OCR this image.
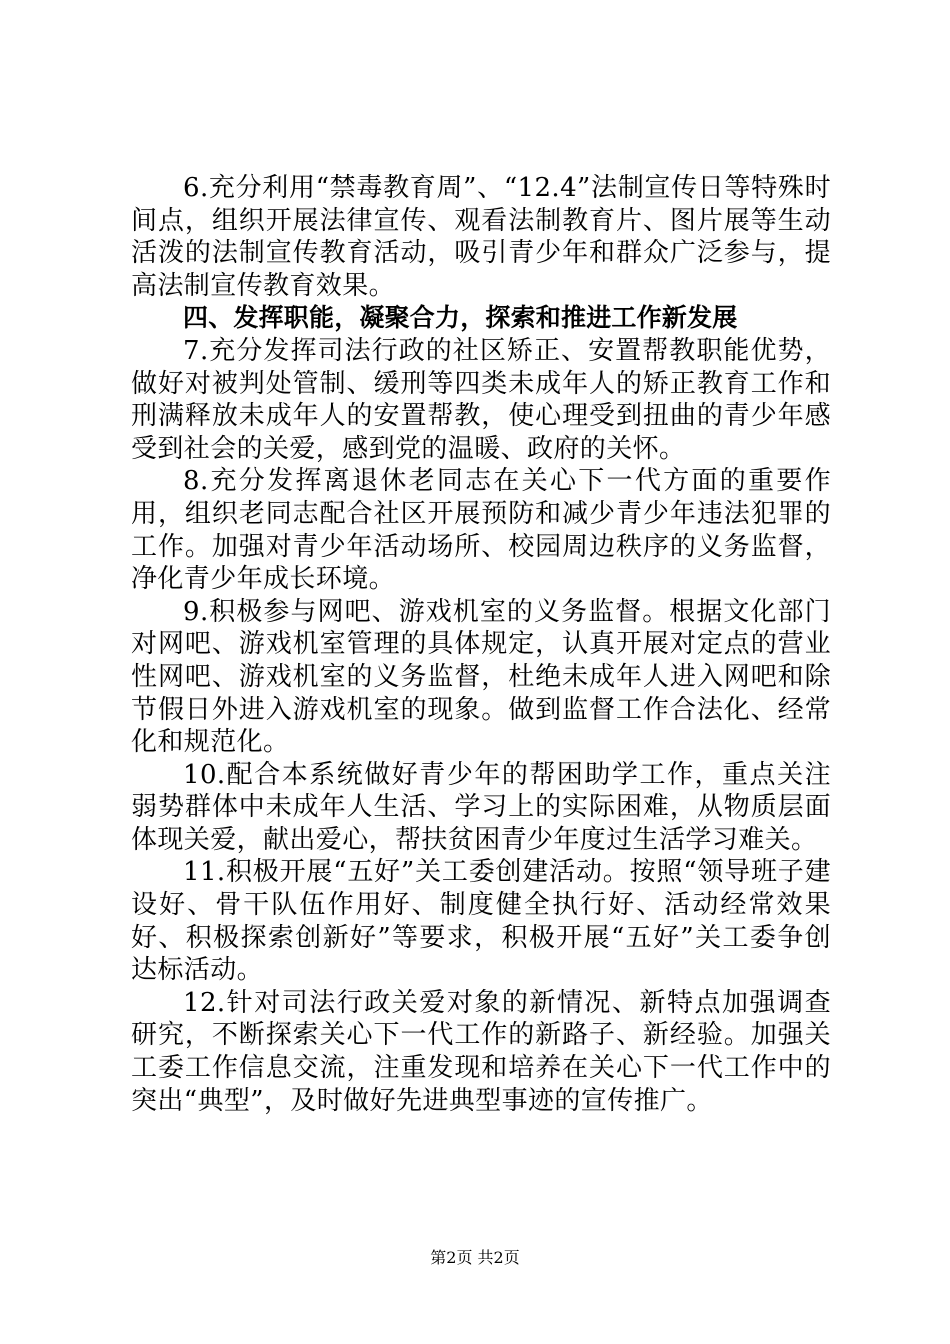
6.充分利用“禁毒教育周”、“12.4”法制宣传日等特殊时间点，组织开展法律宣传、观看法制教育片、图片展等生动活泼的法制宣传教育活动，吸引青少年和群众广泛参与，提高法制宣传教育效果。

四、发挥职能，凝聚合力，探索和推进工作新发展

7.充分发挥司法行政的社区矫正、安置帮教职能优势，做好对被判处管制、缓刑等四类未成年人的矫正教育工作和刑满释放未成年人的安置帮教，使心理受到扭曲的青少年感受到社会的关爱，感到党的温暖、政府的关怀。

8.充分发挥离退休老同志在关心下一代方面的重要作用，组织老同志配合社区开展预防和减少青少年违法犯罪的工作。加强对青少年活动场所、校园周边秩序的义务监督，净化青少年成长环境。

9.积极参与网吧、游戏机室的义务监督。根据文化部门对网吧、游戏机室管理的具体规定，认真开展对定点的营业性网吧、游戏机室的义务监督，杜绝未成年人进入网吧和除节假日外进入游戏机室的现象。做到监督工作合法化、经常化和规范化。

10.配合本系统做好青少年的帮困助学工作，重点关注弱势群体中未成年人生活、学习上的实际困难，从物质层面体现关爱，献出爱心，帮扶贫困青少年度过生活学习难关。

11.积极开展“五好”关工委创建活动。按照“领导班子建设好、骨干队伍作用好、制度健全执行好、活动经常效果好、积极探索创新好”等要求，积极开展“五好”关工委争创达标活动。

12.针对司法行政关爱对象的新情况、新特点加强调查研究，不断探索关心下一代工作的新路子、新经验。加强关工委工作信息交流，注重发现和培养在关心下一代工作中的突出“典型”，及时做好先进典型事迹的宣传推广。

第2页 共2页
